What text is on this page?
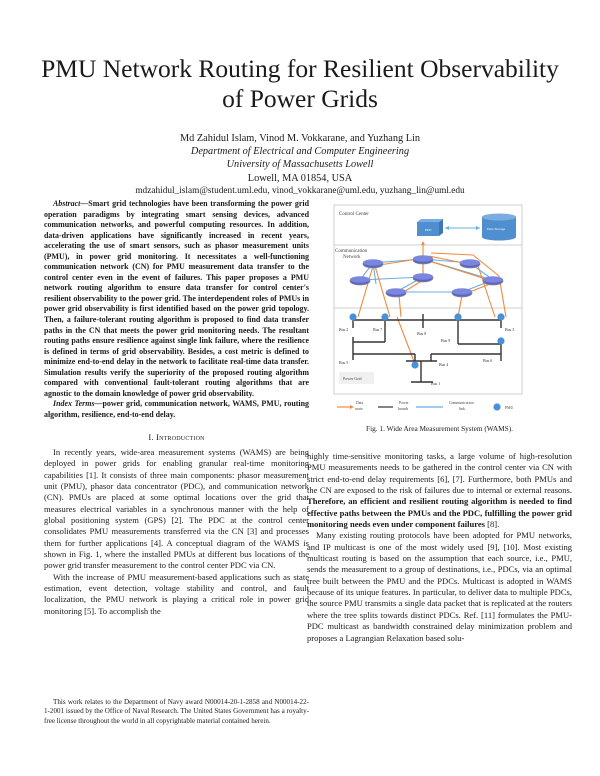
PMU Network Routing for Resilient Observability
of Power Grids
Md Zahidul Islam, Vinod M. Vokkarane, and Yuzhang Lin
Department of Electrical and Computer Engineering
University of Massachusetts Lowell
Lowell, MA 01854, USA
mdzahidul_islam@student.uml.edu, vinod_vokkarane@uml.edu, yuzhang_lin@uml.edu

Abstract—Smart grid technologies have been transforming the power grid operation paradigms by integrating smart sensing devices, advanced communication networks, and powerful computing resources. In addition, data-driven applications have significantly increased in recent years, accelerating the use of smart sensors, such as phasor measurement units (PMU), in power grid monitoring. It necessitates a well-functioning communication network (CN) for PMU measurement data transfer to the control center even in the event of failures. This paper proposes a PMU network routing algorithm to ensure data transfer for control center's resilient observability to the power grid. The interdependent roles of PMUs in power grid observability is first identified based on the power grid topology. Then, a failure-tolerant routing algorithm is proposed to find data transfer paths in the CN that meets the power grid monitoring needs. The resultant routing paths ensure resilience against single link failure, where the resilience is defined in terms of grid observability. Besides, a cost metric is defined to minimize end-to-end delay in the network to facilitate real-time data transfer. Simulation results verify the superiority of the proposed routing algorithm compared with conventional fault-tolerant routing algorithms that are agnostic to the domain knowledge of power grid observability.

Index Terms—power grid, communication network, WAMS, PMU, routing algorithm, resilience, end-to-end delay.

I. Introduction

In recently years, wide-area measurement systems (WAMS) are being deployed in power grids for enabling granular real-time monitoring capabilities [1]. It consists of three main components: phasor measurement unit (PMU), phasor data concentrator (PDC), and communication network (CN). PMUs are placed at some optimal locations over the grid that measures electrical variables in a synchronous manner with the help of global positioning system (GPS) [2]. The PDC at the control center consolidates PMU measurements transferred via the CN [3] and processes them for further applications [4]. A conceptual diagram of the WAMS is shown in Fig. 1, where the installed PMUs at different bus locations of the power grid transfer measurement to the control center PDC via CN.

With the increase of PMU measurement-based applications such as state estimation, event detection, voltage stability and control, and fault localization, the PMU network is playing a critical role in power grid monitoring [5]. To accomplish the

This work relates to the Department of Navy award N00014-20-1-2858 and N00014-22-1-2001 issued by the Office of Naval Research. The United States Government has a royalty-free license throughout the world in all copyrightable material contained herein.
Control Center
Communication
Network
PDC	Data Storage
Bus 1
Bus 2	Bus 3
Bus 4
Bus 5	Bus 6
Bus 7
Bus 8
Bus 9
Power Grid
Data
route
Power
branch
Communication
link	PMU
Fig. 1. Wide Area Measurement System (WAMS).

highly time-sensitive monitoring tasks, a large volume of high-resolution PMU measurements needs to be gathered in the control center via CN with strict end-to-end delay requirements [6], [7]. Furthermore, both PMUs and the CN are exposed to the risk of failures due to internal or external reasons. Therefore, an efficient and resilient routing algorithm is needed to find effective paths between the PMUs and the PDC, fulfilling the power grid monitoring needs even under component failures [8].

Many existing routing protocols have been adopted for PMU networks, and IP multicast is one of the most widely used [9], [10]. Most existing multicast routing is based on the assumption that each source, i.e., PMU, sends the measurement to a group of destinations, i.e., PDCs, via an optimal tree built between the PMU and the PDCs. Multicast is adopted in WAMS because of its unique features. In particular, to deliver data to multiple PDCs, the source PMU transmits a single data packet that is replicated at the routers where the tree splits towards distinct PDCs. Ref. [11] formulates the PMU-PDC multicast as bandwidth constrained delay minimization problem and proposes a Lagrangian Relaxation based solu-
